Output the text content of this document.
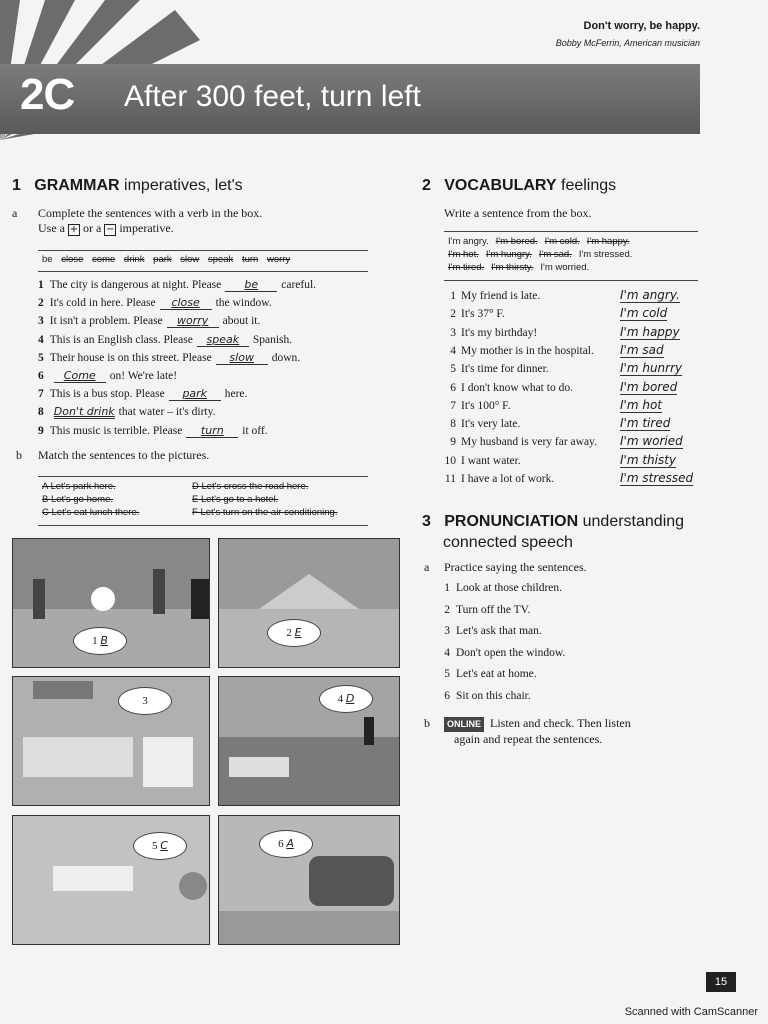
Don't worry, be happy.
Bobby McFerrin, American musician
2C After 300 feet, turn left
1 GRAMMAR imperatives, let's
a Complete the sentences with a verb in the box.
Use a + or a − imperative.
be close come drink park slow speak turn worry
1 The city is dangerous at night. Please be careful.
2 It's cold in here. Please close the window.
3 It isn't a problem. Please worry about it.
4 This is an English class. Please speak Spanish.
5 Their house is on this street. Please slow down.
6 Come on! We're late!
7 This is a bus stop. Please park here.
8 Don't drink that water – it's dirty.
9 This music is terrible. Please turn it off.
b Match the sentences to the pictures.
A Let's park here.	D Let's cross the road here.
B Let's go home.	E Let's go to a hotel.
C Let's eat lunch there.	F Let's turn on the air conditioning.
1 B
2 E
3	4 D
5 C	6 A
2 VOCABULARY feelings
Write a sentence from the box.
I'm angry. I'm bored. I'm cold. I'm happy.
I'm hot. I'm hungry. I'm sad. I'm stressed.
I'm tired. I'm thirsty. I'm worried.
1 My friend is late.	I'm angry.
2 It's 37° F.	I'm cold
3 It's my birthday!	I'm happy
4 My mother is in the hospital. I'm sad
5 It's time for dinner.	I'm hunrry
6 I don't know what to do.	I'm bored
7 It's 100° F.	I'm hot
8 It's very late.	I'm tired
9 My husband is very far away. I'm woried
10 I want water.	I'm thisty
11 I have a lot of work.	I'm stressed
3 PRONUNCIATION understanding
connected speech
a Practice saying the sentences.
1 Look at those children.
2 Turn off the TV.
3 Let's ask that man.
4 Don't open the window.
5 Let's eat at home.
6 Sit on this chair.
b	ONLINE Listen and check. Then listen
again and repeat the sentences.
15
Scanned with CamScanner
